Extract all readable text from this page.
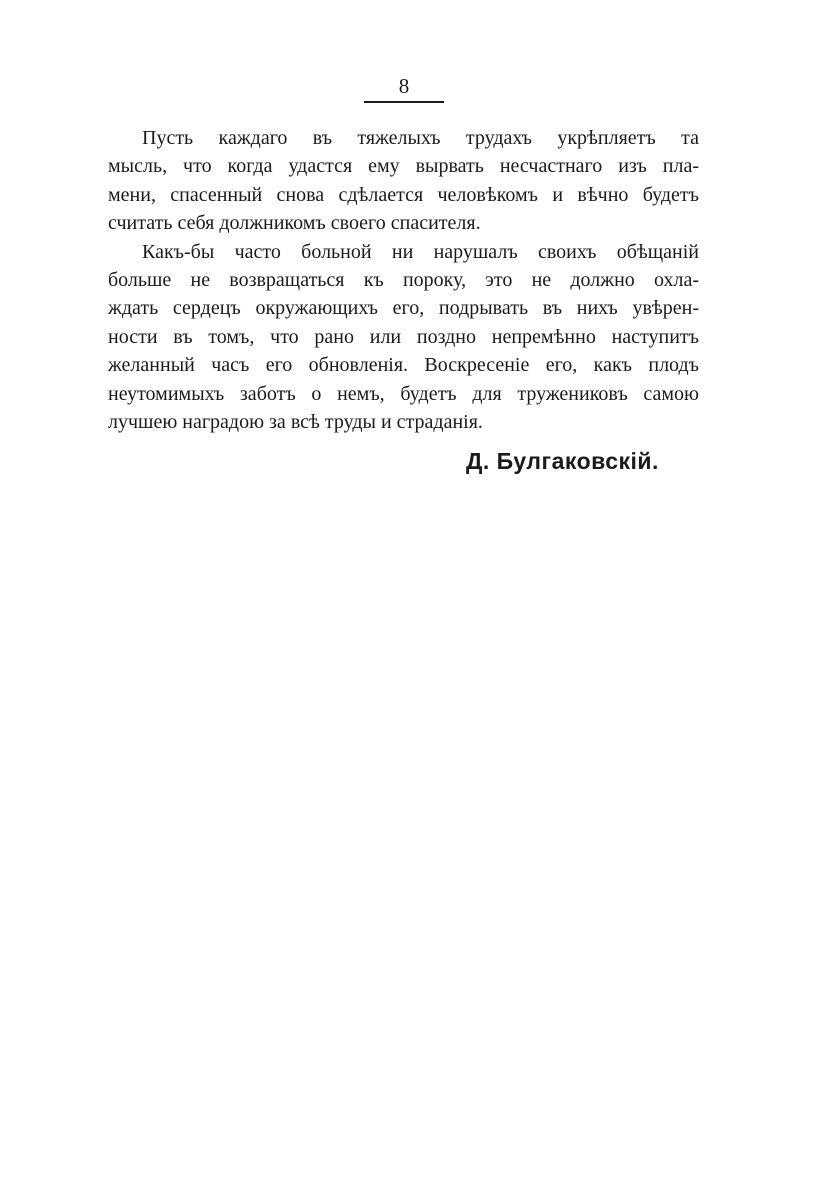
8

Пусть каждаго въ тяжелыхъ трудахъ укрѣпляетъ та
мысль, что когда удастся ему вырвать несчастнаго изъ пла-
мени, спасенный снова сдѣлается человѣкомъ и вѣчно будетъ
считать себя должникомъ своего спасителя.

Какъ-бы часто больной ни нарушалъ своихъ обѣщаній
больше не возвращаться къ пороку, это не должно охла-
ждать сердецъ окружающихъ его, подрывать въ нихъ увѣрен-
ности въ томъ, что рано или поздно непремѣнно наступитъ
желанный часъ его обновленія. Воскресеніе его, какъ плодъ
неутомимыхъ заботъ о немъ, будетъ для тружениковъ самою
лучшею наградою за всѣ труды и страданія.

Д. Булгаковскій.
